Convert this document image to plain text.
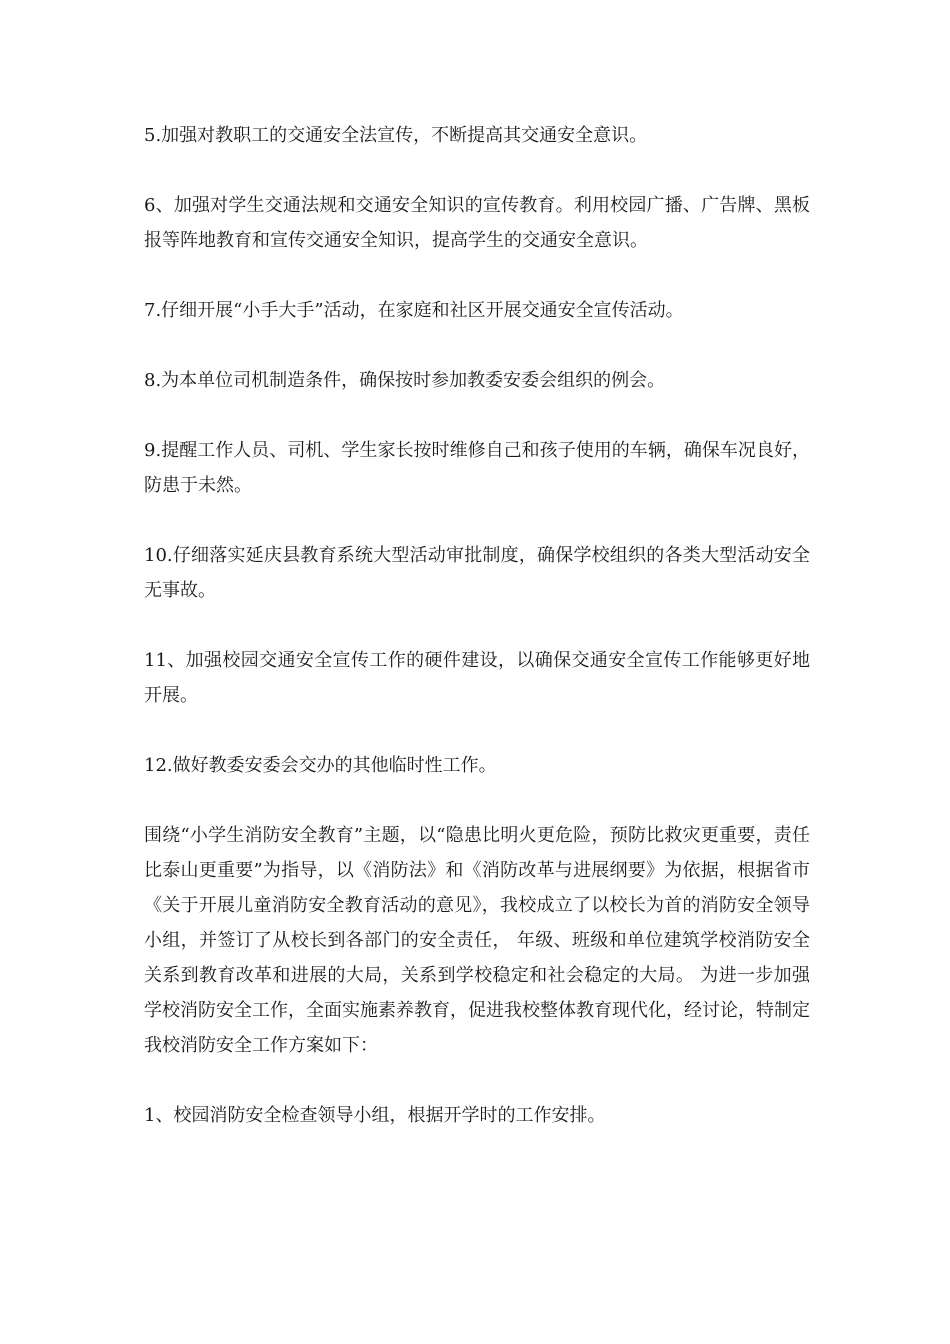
5.加强对教职工的交通安全法宣传，不断提高其交通安全意识。

6、加强对学生交通法规和交通安全知识的宣传教育。利用校园广播、广告牌、黑板报等阵地教育和宣传交通安全知识，提高学生的交通安全意识。

7.仔细开展“小手大手”活动，在家庭和社区开展交通安全宣传活动。

8.为本单位司机制造条件，确保按时参加教委安委会组织的例会。

9.提醒工作人员、司机、学生家长按时维修自己和孩子使用的车辆，确保车况良好，防患于未然。

10.仔细落实延庆县教育系统大型活动审批制度，确保学校组织的各类大型活动安全无事故。

11、加强校园交通安全宣传工作的硬件建设，以确保交通安全宣传工作能够更好地开展。

12.做好教委安委会交办的其他临时性工作。

围绕“小学生消防安全教育”主题，以“隐患比明火更危险，预防比救灾更重要，责任比泰山更重要”为指导，以《消防法》和《消防改革与进展纲要》为依据，根据省市《关于开展儿童消防安全教育活动的意见》，我校成立了以校长为首的消防安全领导小组，并签订了从校长到各部门的安全责任， 年级、班级和单位建筑学校消防安全关系到教育改革和进展的大局，关系到学校稳定和社会稳定的大局。 为进一步加强学校消防安全工作，全面实施素养教育，促进我校整体教育现代化，经讨论，特制定我校消防安全工作方案如下：

1、校园消防安全检查领导小组，根据开学时的工作安排。
